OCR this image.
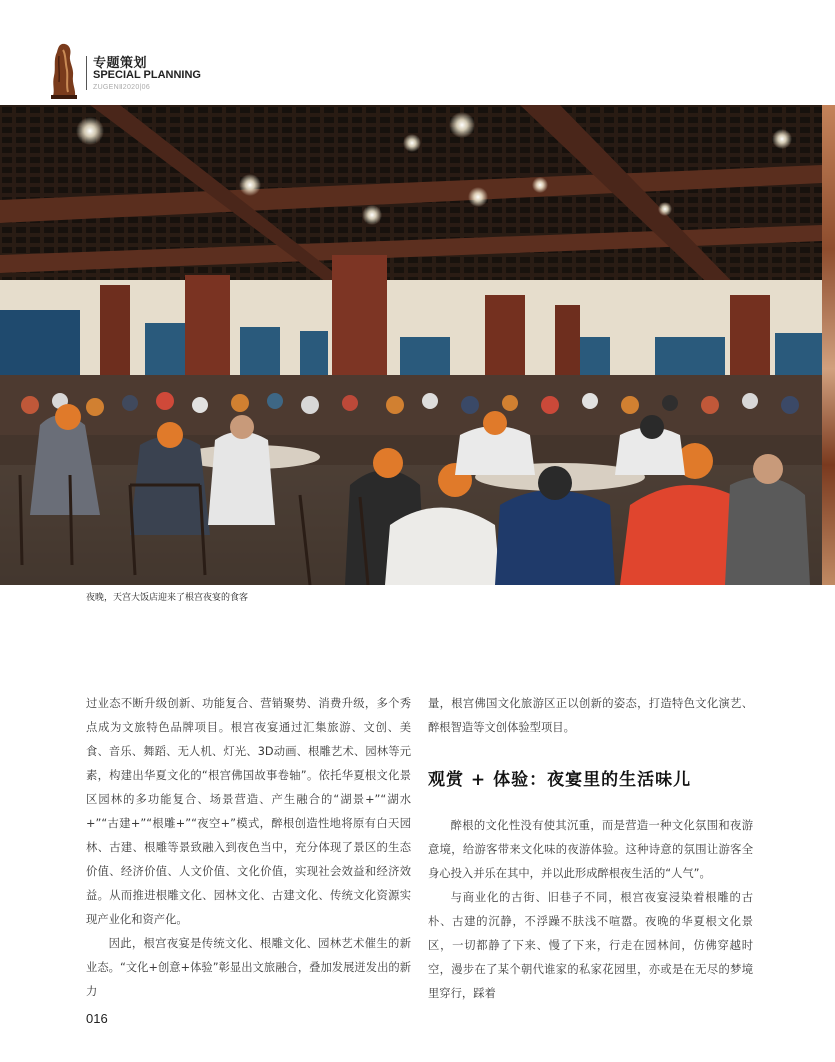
专题策划
SPECIAL PLANNING
ZUGENⅡ2020|06
夜晚，天宫大饭店迎来了根宫夜宴的食客

过业态不断升级创新、功能复合、营销聚势、消费升级，多个秀点成为文旅特色品牌项目。根宫夜宴通过汇集旅游、文创、美食、音乐、舞蹈、无人机、灯光、3D动画、根雕艺术、园林等元素，构建出华夏文化的“根宫佛国故事卷轴”。依托华夏根文化景区园林的多功能复合、场景营造、产生融合的“湖景+”“湖水+”“古建+”“根雕+”“夜空+”模式，醉根创造性地将原有白天园林、古建、根雕等景致融入到夜色当中，充分体现了景区的生态价值、经济价值、人文价值、文化价值，实现社会效益和经济效益。从而推进根雕文化、园林文化、古建文化、传统文化资源实现产业化和资产化。

因此，根宫夜宴是传统文化、根雕文化、园林艺术催生的新业态。“文化+创意+体验”彰显出文旅融合，叠加发展迸发出的新力

量，根宫佛国文化旅游区正以创新的姿态，打造特色文化演艺、醉根智造等文创体验型项目。

观赏 + 体验：夜宴里的生活味儿

醉根的文化性没有使其沉重，而是营造一种文化氛围和夜游意境，给游客带来文化味的夜游体验。这种诗意的氛围让游客全身心投入并乐在其中，并以此形成醉根夜生活的“人气”。

与商业化的古街、旧巷子不同，根宫夜宴浸染着根雕的古朴、古建的沉静，不浮躁不肤浅不喧嚣。夜晚的华夏根文化景区，一切都静了下来、慢了下来，行走在园林间，仿佛穿越时空，漫步在了某个朝代谁家的私家花园里，亦或是在无尽的梦境里穿行，踩着

016
